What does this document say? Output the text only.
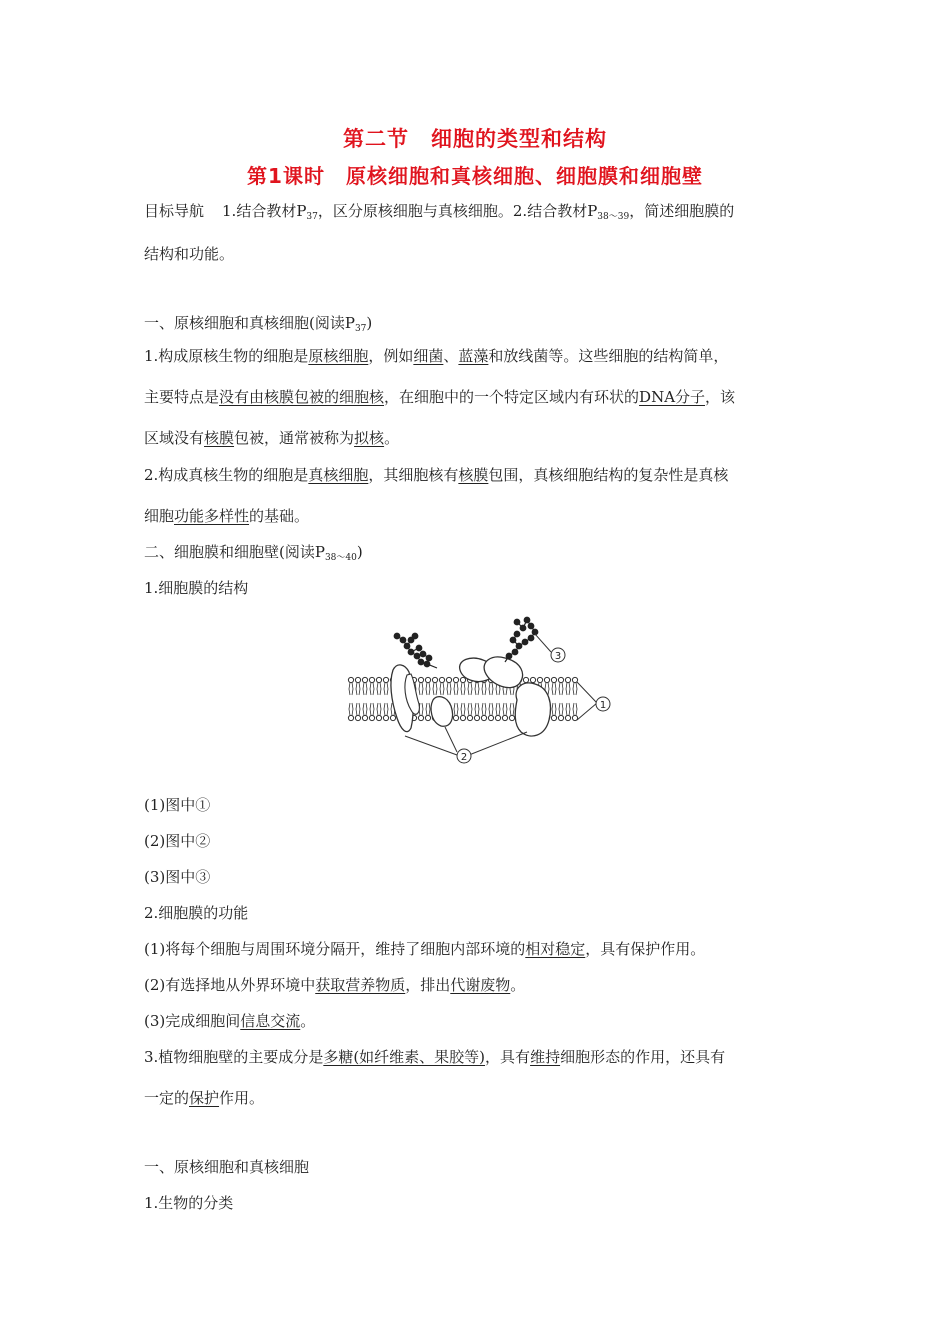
第二节　细胞的类型和结构
第1课时　原核细胞和真核细胞、细胞膜和细胞壁
目标导航 1.结合教材$P_{37}$，区分原核细胞与真核细胞。2.结合教材$P_{38\sim 39}$，简述细胞膜的
结构和功能。
一、原核细胞和真核细胞(阅读$P_{37}$)
1.构成原核生物的细胞是原核细胞，例如细菌、蓝藻和放线菌等。这些细胞的结构简单，
主要特点是没有由核膜包被的细胞核，在细胞中的一个特定区域内有环状的DNA分子，该
区域没有核膜包被，通常被称为拟核。
2.构成真核生物的细胞是真核细胞，其细胞核有核膜包围，真核细胞结构的复杂性是真核
细胞功能多样性的基础。
二、细胞膜和细胞壁(阅读$P_{38\sim 40}$)
1.细胞膜的结构
1
2
3
(1)图中①
(2)图中②
(3)图中③
2.细胞膜的功能
(1)将每个细胞与周围环境分隔开，维持了细胞内部环境的相对稳定，具有保护作用。
(2)有选择地从外界环境中获取营养物质，排出代谢废物。
(3)完成细胞间信息交流。
3.植物细胞壁的主要成分是多糖(如纤维素、果胶等)，具有维持细胞形态的作用，还具有
一定的保护作用。
一、原核细胞和真核细胞
1.生物的分类
